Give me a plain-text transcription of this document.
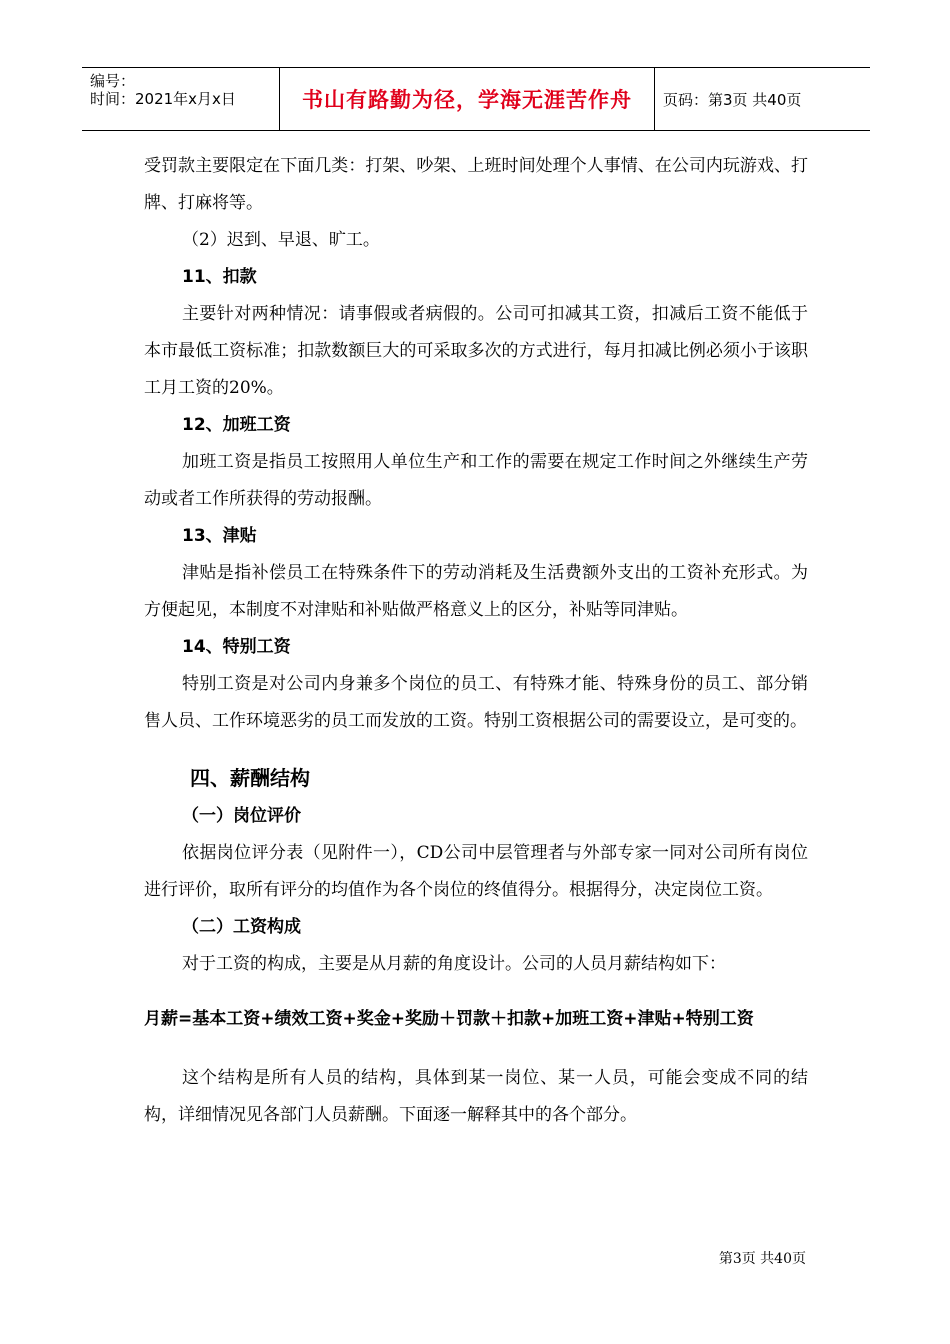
编号：
时间：2021年x月x日	书山有路勤为径，学海无涯苦作舟	页码：第3页 共40页

受罚款主要限定在下面几类：打架、吵架、上班时间处理个人事情、在公司内玩游戏、打牌、打麻将等。

（2）迟到、早退、旷工。

11、扣款

主要针对两种情况：请事假或者病假的。公司可扣减其工资，扣减后工资不能低于本市最低工资标准；扣款数额巨大的可采取多次的方式进行，每月扣减比例必须小于该职工月工资的20%。

12、加班工资

加班工资是指员工按照用人单位生产和工作的需要在规定工作时间之外继续生产劳动或者工作所获得的劳动报酬。

13、津贴

津贴是指补偿员工在特殊条件下的劳动消耗及生活费额外支出的工资补充形式。为方便起见，本制度不对津贴和补贴做严格意义上的区分，补贴等同津贴。

14、特别工资

特别工资是对公司内身兼多个岗位的员工、有特殊才能、特殊身份的员工、部分销售人员、工作环境恶劣的员工而发放的工资。特别工资根据公司的需要设立，是可变的。

四、薪酬结构

（一）岗位评价

依据岗位评分表（见附件一），CD公司中层管理者与外部专家一同对公司所有岗位进行评价，取所有评分的均值作为各个岗位的终值得分。根据得分，决定岗位工资。

（二）工资构成

对于工资的构成，主要是从月薪的角度设计。公司的人员月薪结构如下：

月薪=基本工资+绩效工资+奖金+奖励＋罚款＋扣款+加班工资+津贴+特别工资

这个结构是所有人员的结构，具体到某一岗位、某一人员，可能会变成不同的结构，详细情况见各部门人员薪酬。下面逐一解释其中的各个部分。

第3页 共40页
